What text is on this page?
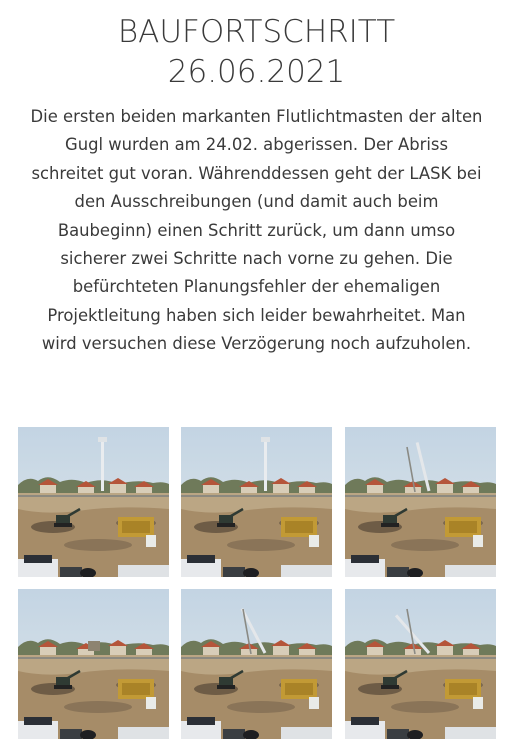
BAUFORTSCHRITT
26.06.2021

Die ersten beiden markanten Flutlichtmasten der alten Gugl wurden am 24.02. abgerissen. Der Abriss schreitet gut voran. Währenddessen geht der LASK bei den Ausschreibungen (und damit auch beim Baubeginn) einen Schritt zurück, um dann umso sicherer zwei Schritte nach vorne zu gehen. Die befürchteten Planungsfehler der ehemaligen Projektleitung haben sich leider bewahrheitet. Man wird versuchen diese Verzögerung noch aufzuholen.
